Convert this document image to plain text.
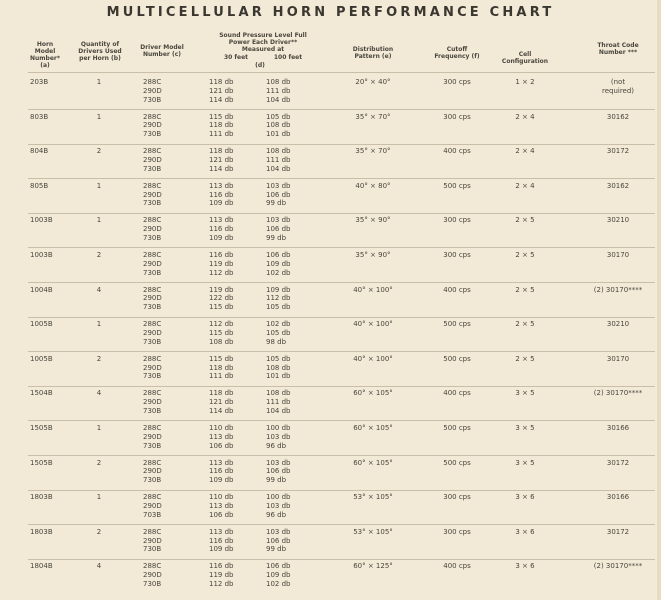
MULTICELLULAR HORN PERFORMANCE CHART
Horn Model Number* (a)
Quantity of Drivers Used per Horn (b)
Driver Model Number (c)
Sound Pressure Level Full Power Each Driver** Measured at
30 feet	100 feet
(d)
Distribution Pattern (e)
Cutoff Frequency (f)	Cell Configuration
Throat Code Number ***
203B	1	288C	118 db	108 db
290D	121 db	111 db
730B	114 db	104 db
20° × 40°	300 cps	1 × 2	(not required)
803B	1	288C	115 db	105 db
290D	118 db	108 db
730B	111 db	101 db
35° × 70°	300 cps	2 × 4	30162
804B	2	288C	118 db	108 db
290D	121 db	111 db
730B	114 db	104 db
35° × 70°	400 cps	2 × 4	30172
805B	1	288C	113 db	103 db
290D	116 db	106 db
730B	109 db	99 db
40° × 80°	500 cps	2 × 4	30162
1003B	1	288C	113 db	103 db
290D	116 db	106 db
730B	109 db	99 db
35° × 90°	300 cps	2 × 5	30210
1003B	2	288C	116 db	106 db
290D	119 db	109 db
730B	112 db	102 db
35° × 90°	300 cps	2 × 5	30170
1004B	4	288C	119 db	109 db
290D	122 db	112 db
730B	115 db	105 db
40° × 100°	400 cps	2 × 5	(2) 30170****
1005B	1	288C	112 db	102 db
290D	115 db	105 db
730B	108 db	98 db
40° × 100°	500 cps	2 × 5	30210
1005B	2	288C	115 db	105 db
290D	118 db	108 db
730B	111 db	101 db
40° × 100°	500 cps	2 × 5	30170
1504B	4	288C	118 db	108 db
290D	121 db	111 db
730B	114 db	104 db
60° × 105°	400 cps	3 × 5	(2) 30170****
1505B	1	288C	110 db	100 db
290D	113 db	103 db
730B	106 db	96 db
60° × 105°	500 cps	3 × 5	30166
1505B	2	288C	113 db	103 db
290D	116 db	106 db
730B	109 db	99 db
60° × 105°	500 cps	3 × 5	30172
1803B	1	288C	110 db	100 db
290D	113 db	103 db
703B	106 db	96 db
53° × 105°	300 cps	3 × 6	30166
1803B	2	288C	113 db	103 db
290D	116 db	106 db
730B	109 db	99 db
53° × 105°	300 cps	3 × 6	30172
1804B	4	288C	116 db	106 db
290D	119 db	109 db
730B	112 db	102 db
60° × 125°	400 cps	3 × 6	(2) 30170****
